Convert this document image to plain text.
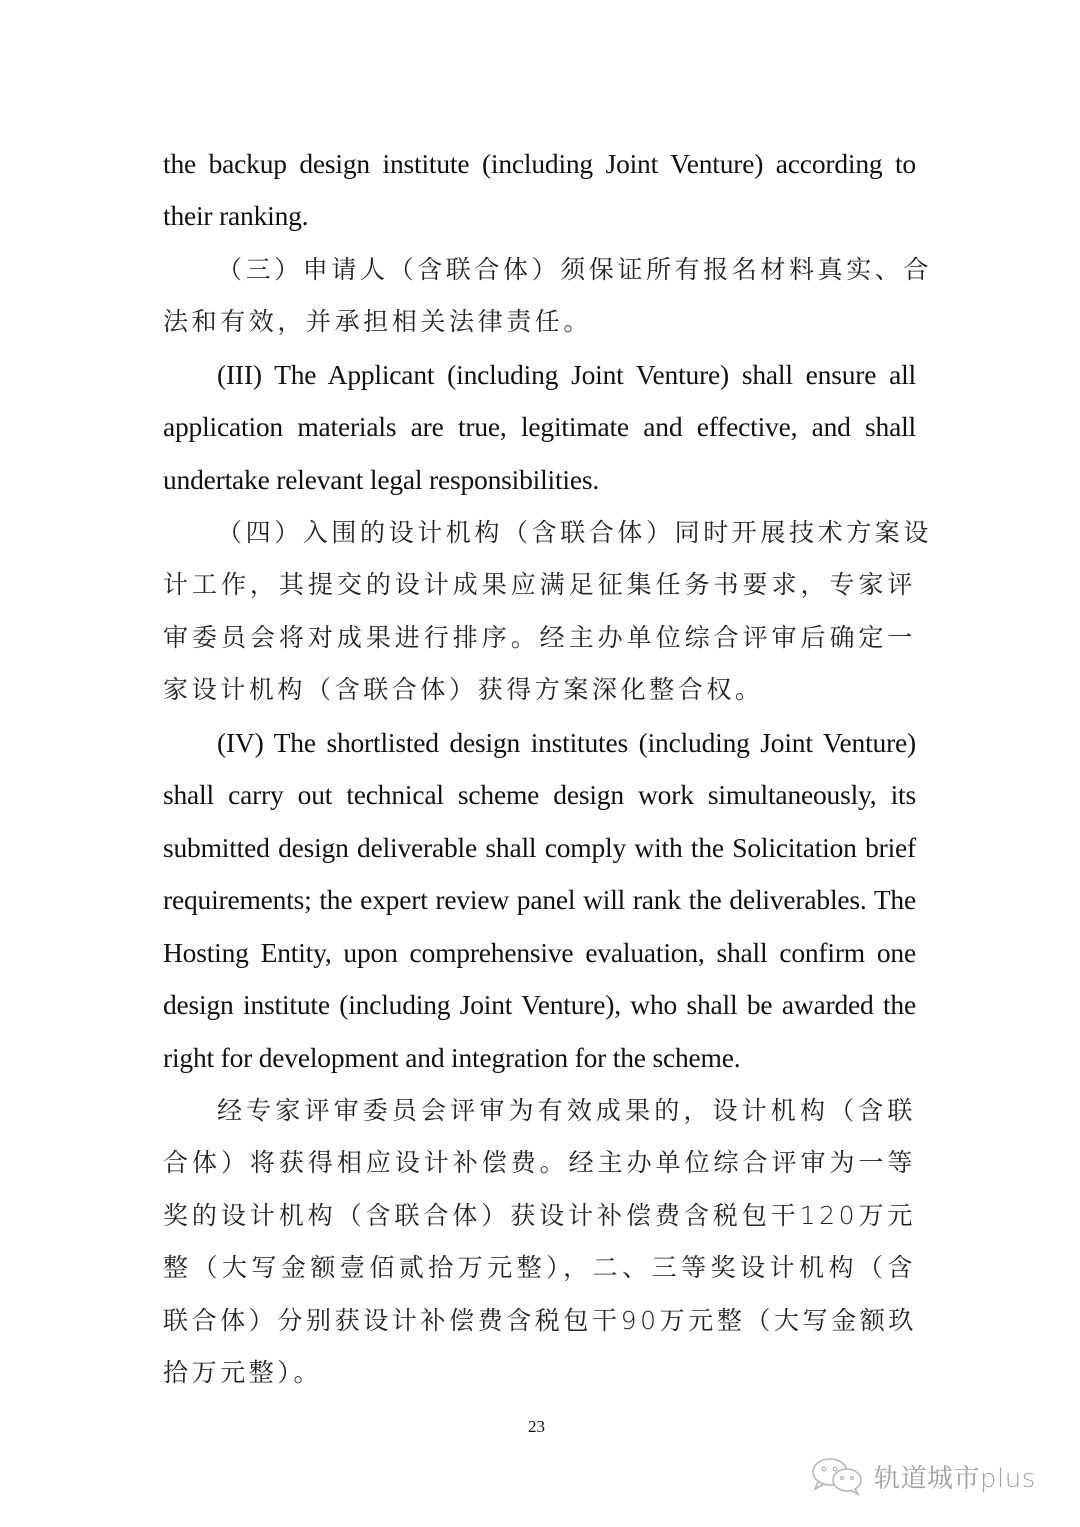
the backup design institute (including Joint Venture) according to
their ranking.
（三）申请人（含联合体）须保证所有报名材料真实、合
法和有效，并承担相关法律责任。
(III) The Applicant (including Joint Venture) shall ensure all
application materials are true, legitimate and effective, and shall
undertake relevant legal responsibilities.
（四）入围的设计机构（含联合体）同时开展技术方案设
计工作，其提交的设计成果应满足征集任务书要求，专家评
审委员会将对成果进行排序。经主办单位综合评审后确定一
家设计机构（含联合体）获得方案深化整合权。
(IV) The shortlisted design institutes (including Joint Venture)
shall carry out technical scheme design work simultaneously, its
submitted design deliverable shall comply with the Solicitation brief
requirements; the expert review panel will rank the deliverables. The
Hosting Entity, upon comprehensive evaluation, shall confirm one
design institute (including Joint Venture), who shall be awarded the
right for development and integration for the scheme.
经专家评审委员会评审为有效成果的，设计机构（含联
合体）将获得相应设计补偿费。经主办单位综合评审为一等
奖的设计机构（含联合体）获设计补偿费含税包干120万元
整（大写金额壹佰贰拾万元整），二、三等奖设计机构（含
联合体）分别获设计补偿费含税包干90万元整（大写金额玖
拾万元整）。
23
轨道城市plus
